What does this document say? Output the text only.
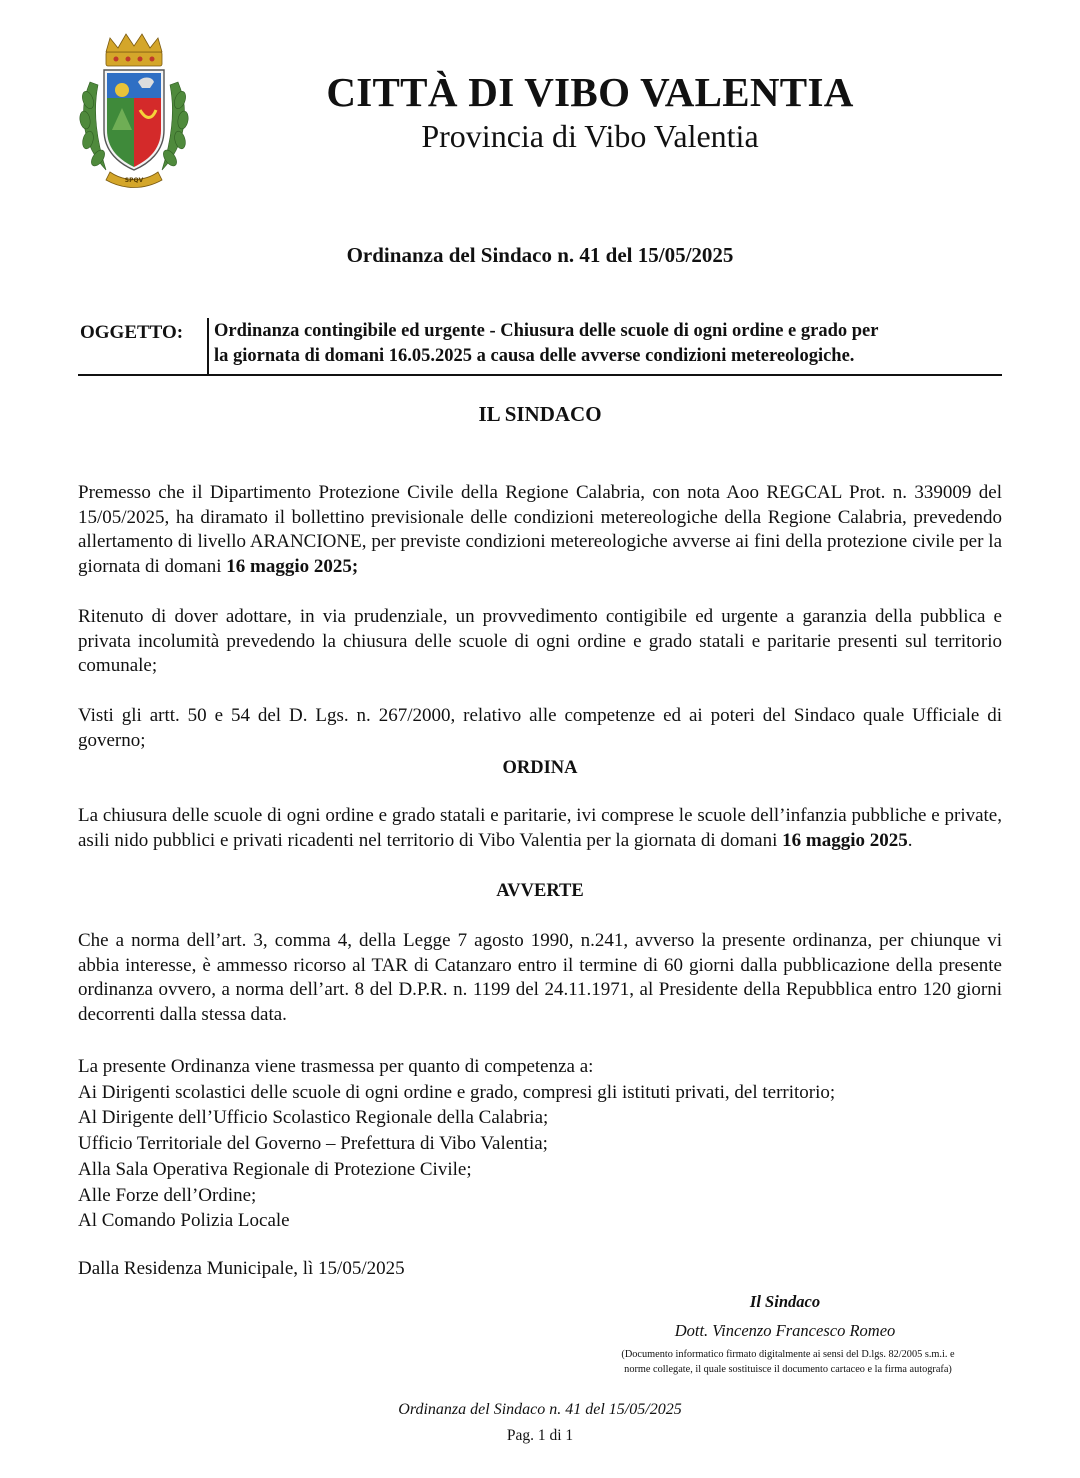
SPQV
CITTÀ DI VIBO VALENTIA
Provincia di Vibo Valentia
Ordinanza del Sindaco n. 41 del 15/05/2025
OGGETTO:	Ordinanza contingibile ed urgente - Chiusura delle scuole di ogni ordine e grado per
la giornata di domani 16.05.2025 a causa delle avverse condizioni metereologiche.
IL SINDACO
Premesso che il Dipartimento Protezione Civile della Regione Calabria, con nota Aoo REGCAL Prot. n. 339009 del 15/05/2025, ha diramato il bollettino previsionale delle condizioni metereologiche della Regione Calabria, prevedendo allertamento di livello ARANCIONE, per previste condizioni metereologiche avverse ai fini della protezione civile per la giornata di domani 16 maggio 2025;
Ritenuto di dover adottare, in via prudenziale, un provvedimento contigibile ed urgente a garanzia della pubblica e privata incolumità prevedendo la chiusura delle scuole di ogni ordine e grado statali e paritarie presenti sul territorio comunale;
Visti gli artt. 50 e 54 del D. Lgs. n. 267/2000, relativo alle competenze ed ai poteri del Sindaco quale Ufficiale di governo;
ORDINA
La chiusura delle scuole di ogni ordine e grado statali e paritarie, ivi comprese le scuole dell’infanzia pubbliche e private, asili nido pubblici e privati ricadenti nel territorio di Vibo Valentia per la giornata di domani 16 maggio 2025.
AVVERTE
Che a norma dell’art. 3, comma 4, della Legge 7 agosto 1990, n.241, avverso la presente ordinanza, per chiunque vi abbia interesse, è ammesso ricorso al TAR di Catanzaro entro il termine di 60 giorni dalla pubblicazione della presente ordinanza ovvero, a norma dell’art. 8 del D.P.R. n. 1199 del 24.11.1971, al Presidente della Repubblica entro 120 giorni decorrenti dalla stessa data.
La presente Ordinanza viene trasmessa per quanto di competenza a:
Ai Dirigenti scolastici delle scuole di ogni ordine e grado, compresi gli istituti privati, del territorio;
Al Dirigente dell’Ufficio Scolastico Regionale della Calabria;
Ufficio Territoriale del Governo – Prefettura di Vibo Valentia;
Alla Sala Operativa Regionale di Protezione Civile;
Alle Forze dell’Ordine;
Al Comando Polizia Locale
Dalla Residenza Municipale, lì 15/05/2025
Il Sindaco
Dott. Vincenzo Francesco Romeo
(Documento informatico firmato digitalmente ai sensi del D.lgs. 82/2005 s.m.i. e
norme collegate, il quale sostituisce il documento cartaceo e la firma autografa)
Ordinanza del Sindaco n. 41 del 15/05/2025
Pag. 1 di 1
